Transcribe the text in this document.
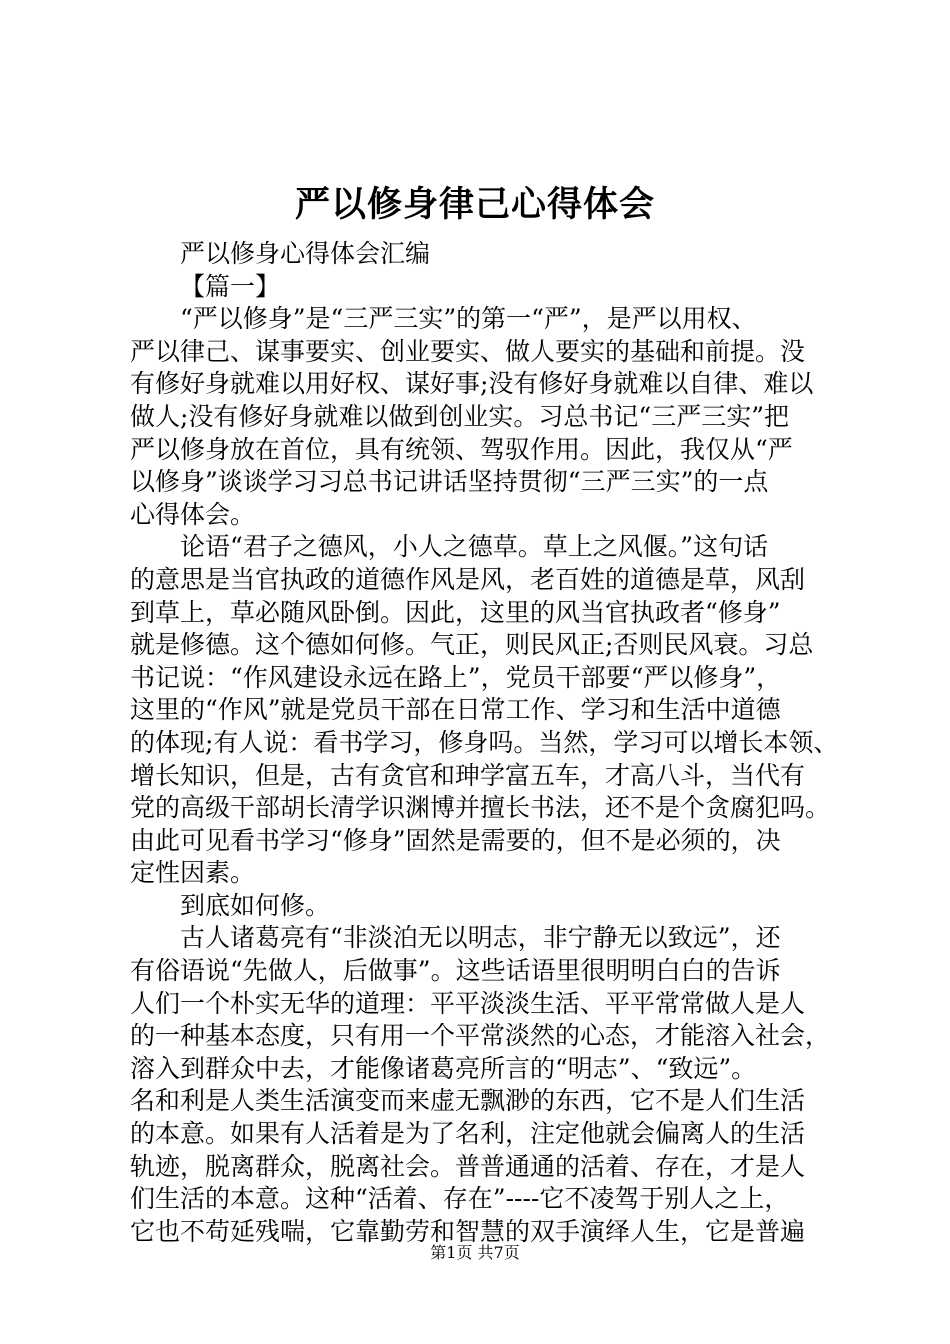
严以修身律己心得体会
严以修身心得体会汇编
【篇一】
“严以修身”是“三严三实”的第一“严”，是严以用权、
严以律己、谋事要实、创业要实、做人要实的基础和前提。没
有修好身就难以用好权、谋好事;没有修好身就难以自律、难以
做人;没有修好身就难以做到创业实。习总书记“三严三实”把
严以修身放在首位，具有统领、驾驭作用。因此，我仅从“严
以修身”谈谈学习习总书记讲话坚持贯彻“三严三实”的一点
心得体会。
论语“君子之德风，小人之德草。草上之风偃。”这句话
的意思是当官执政的道德作风是风，老百姓的道德是草，风刮
到草上，草必随风卧倒。因此，这里的风当官执政者“修身”
就是修德。这个德如何修。气正，则民风正;否则民风衰。习总
书记说：“作风建设永远在路上”，党员干部要“严以修身”，
这里的“作风”就是党员干部在日常工作、学习和生活中道德
的体现;有人说：看书学习，修身吗。当然，学习可以增长本领、
增长知识，但是，古有贪官和珅学富五车，才高八斗，当代有
党的高级干部胡长清学识渊博并擅长书法，还不是个贪腐犯吗。
由此可见看书学习“修身”固然是需要的，但不是必须的，决
定性因素。
到底如何修。
古人诸葛亮有“非淡泊无以明志，非宁静无以致远”，还
有俗语说“先做人，后做事”。这些话语里很明明白白的告诉
人们一个朴实无华的道理：平平淡淡生活、平平常常做人是人
的一种基本态度，只有用一个平常淡然的心态，才能溶入社会，
溶入到群众中去，才能像诸葛亮所言的“明志”、“致远”。
名和利是人类生活演变而来虚无飘渺的东西，它不是人们生活
的本意。如果有人活着是为了名利，注定他就会偏离人的生活
轨迹，脱离群众，脱离社会。普普通通的活着、存在，才是人
们生活的本意。这种“活着、存在”----它不凌驾于别人之上，
它也不苟延残喘，它靠勤劳和智慧的双手演绎人生，它是普遍
第1页 共7页
